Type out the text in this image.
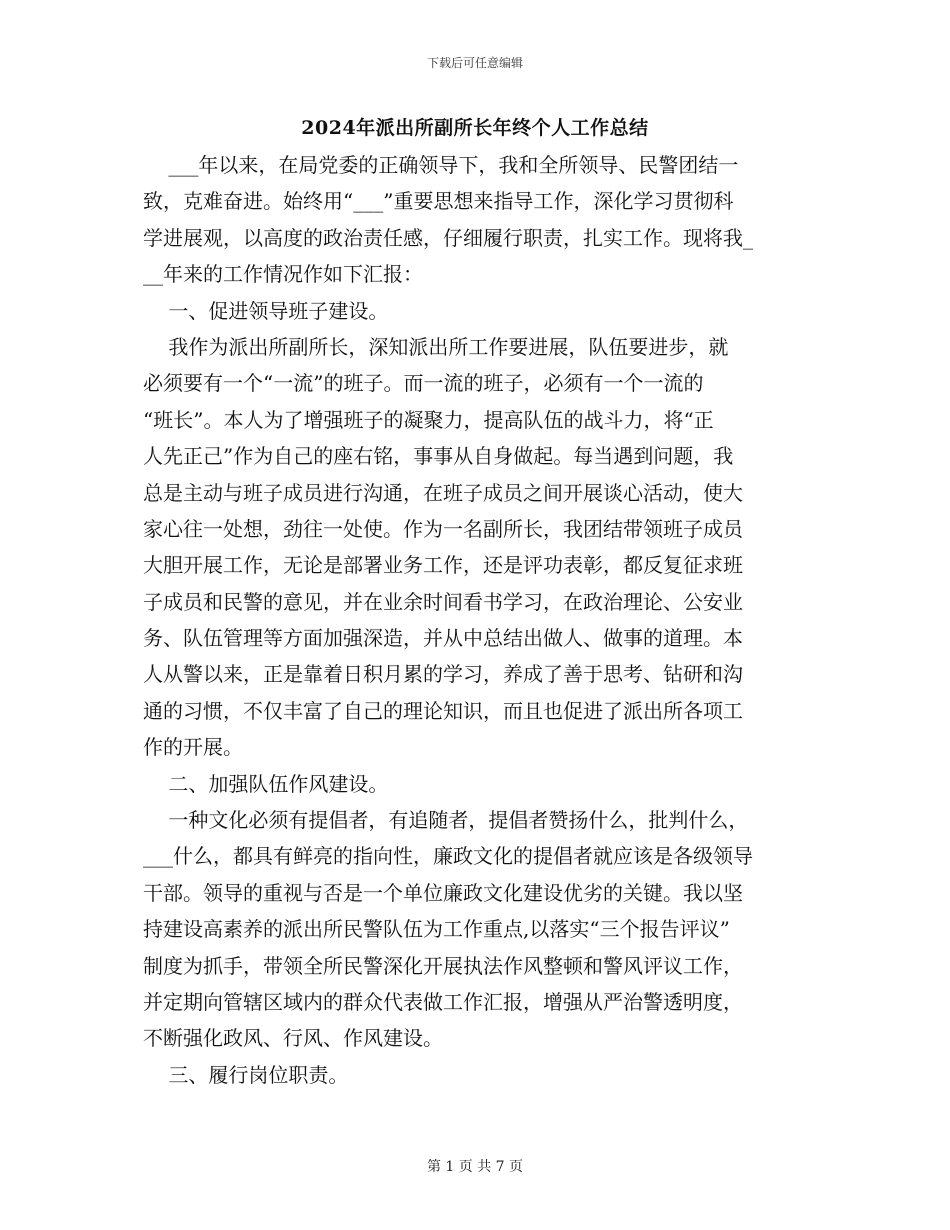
下载后可任意编辑
2024年派出所副所长年终个人工作总结
___年以来，在局党委的正确领导下，我和全所领导、民警团结一
致，克难奋进。始终用“___”重要思想来指导工作，深化学习贯彻科
学进展观，以高度的政治责任感，仔细履行职责，扎实工作。现将我_
__年来的工作情况作如下汇报：
一、促进领导班子建设。
我作为派出所副所长，深知派出所工作要进展，队伍要进步，就
必须要有一个“一流”的班子。而一流的班子，必须有一个一流的
“班长”。本人为了增强班子的凝聚力，提高队伍的战斗力，将“正
人先正己”作为自己的座右铭，事事从自身做起。每当遇到问题，我
总是主动与班子成员进行沟通，在班子成员之间开展谈心活动，使大
家心往一处想，劲往一处使。作为一名副所长，我团结带领班子成员
大胆开展工作，无论是部署业务工作，还是评功表彰，都反复征求班
子成员和民警的意见，并在业余时间看书学习，在政治理论、公安业
务、队伍管理等方面加强深造，并从中总结出做人、做事的道理。本
人从警以来，正是靠着日积月累的学习，养成了善于思考、钻研和沟
通的习惯，不仅丰富了自己的理论知识，而且也促进了派出所各项工
作的开展。
二、加强队伍作风建设。
一种文化必须有提倡者，有追随者，提倡者赞扬什么，批判什么，
___什么，都具有鲜亮的指向性，廉政文化的提倡者就应该是各级领导
干部。领导的重视与否是一个单位廉政文化建设优劣的关键。我以坚
持建设高素养的派出所民警队伍为工作重点,以落实“三个报告评议”
制度为抓手，带领全所民警深化开展执法作风整顿和警风评议工作，
并定期向管辖区域内的群众代表做工作汇报，增强从严治警透明度，
不断强化政风、行风、作风建设。
三、履行岗位职责。
第 1 页 共 7 页
